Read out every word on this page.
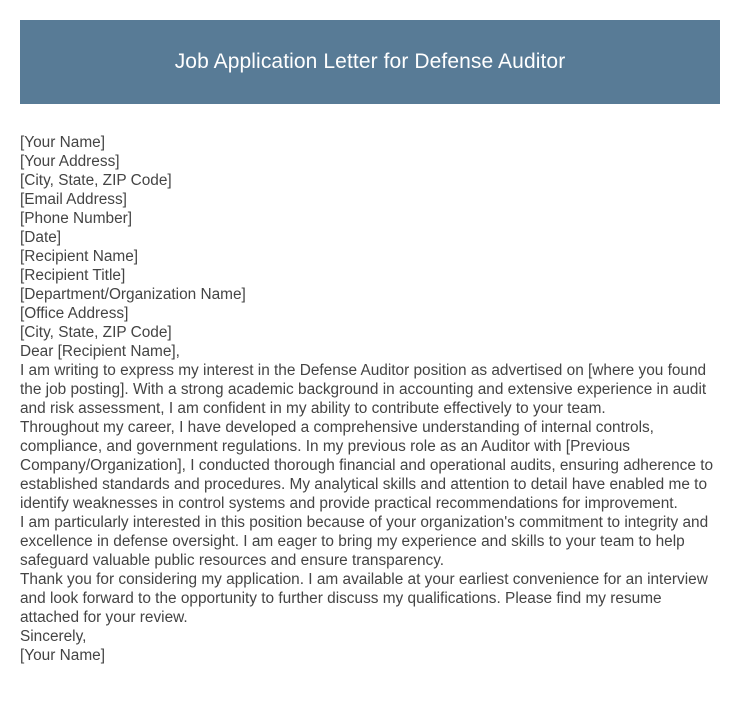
Job Application Letter for Defense Auditor

[Your Name]

[Your Address]

[City, State, ZIP Code]

[Email Address]

[Phone Number]

[Date]

[Recipient Name]

[Recipient Title]

[Department/Organization Name]

[Office Address]

[City, State, ZIP Code]

Dear [Recipient Name],

I am writing to express my interest in the Defense Auditor position as advertised on [where you found the job posting]. With a strong academic background in accounting and extensive experience in audit and risk assessment, I am confident in my ability to contribute effectively to your team.

Throughout my career, I have developed a comprehensive understanding of internal controls, compliance, and government regulations. In my previous role as an Auditor with [Previous Company/Organization], I conducted thorough financial and operational audits, ensuring adherence to established standards and procedures. My analytical skills and attention to detail have enabled me to identify weaknesses in control systems and provide practical recommendations for improvement.

I am particularly interested in this position because of your organization's commitment to integrity and excellence in defense oversight. I am eager to bring my experience and skills to your team to help safeguard valuable public resources and ensure transparency.

Thank you for considering my application. I am available at your earliest convenience for an interview and look forward to the opportunity to further discuss my qualifications. Please find my resume attached for your review.

Sincerely,

[Your Name]
